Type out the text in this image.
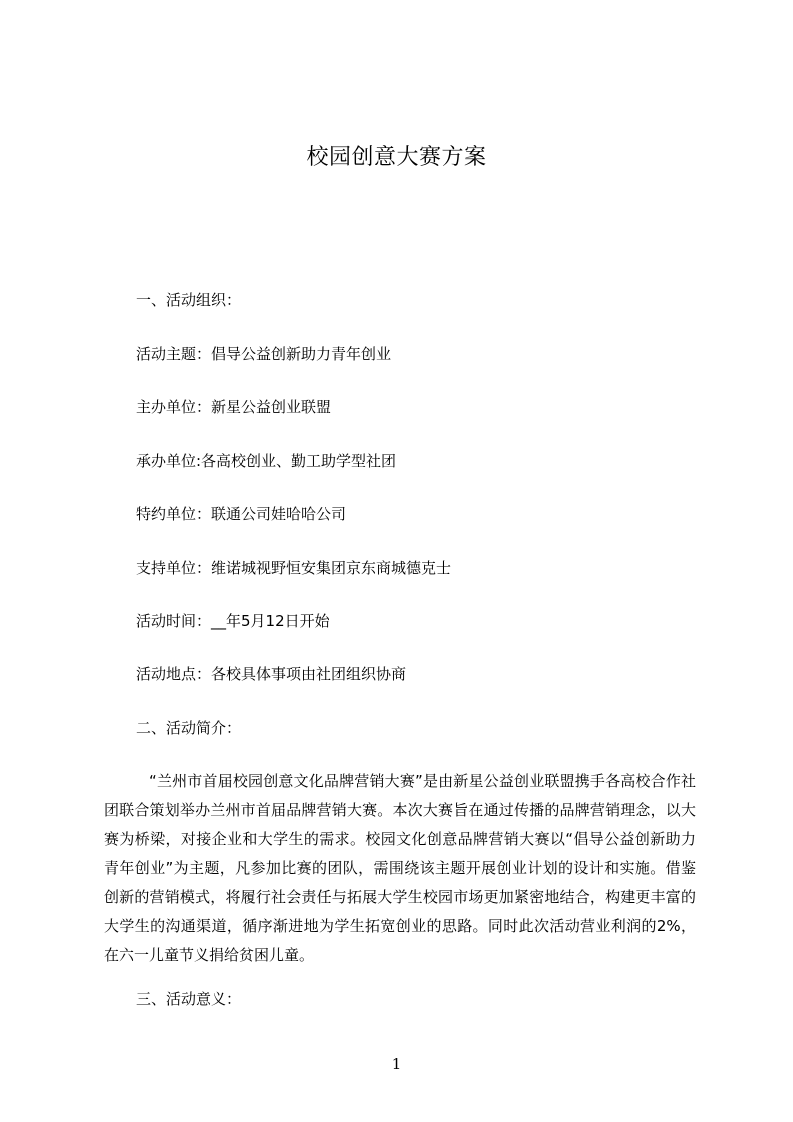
校园创意大赛方案
一、活动组织：
活动主题：倡导公益创新助力青年创业
主办单位：新星公益创业联盟
承办单位:各高校创业、勤工助学型社团
特约单位：联通公司娃哈哈公司
支持单位：维诺城视野恒安集团京东商城德克士
活动时间：__年5月12日开始
活动地点：各校具体事项由社团组织协商
二、活动简介：

“兰州市首届校园创意文化品牌营销大赛”是由新星公益创业联盟携手各高校合作社团联合策划举办兰州市首届品牌营销大赛。本次大赛旨在通过传播的品牌营销理念，以大赛为桥梁，对接企业和大学生的需求。校园文化创意品牌营销大赛以“倡导公益创新助力青年创业”为主题，凡参加比赛的团队，需围绕该主题开展创业计划的设计和实施。借鉴创新的营销模式，将履行社会责任与拓展大学生校园市场更加紧密地结合，构建更丰富的大学生的沟通渠道，循序渐进地为学生拓宽创业的思路。同时此次活动营业利润的2%，在六一儿童节义捐给贫困儿童。

三、活动意义：
1
